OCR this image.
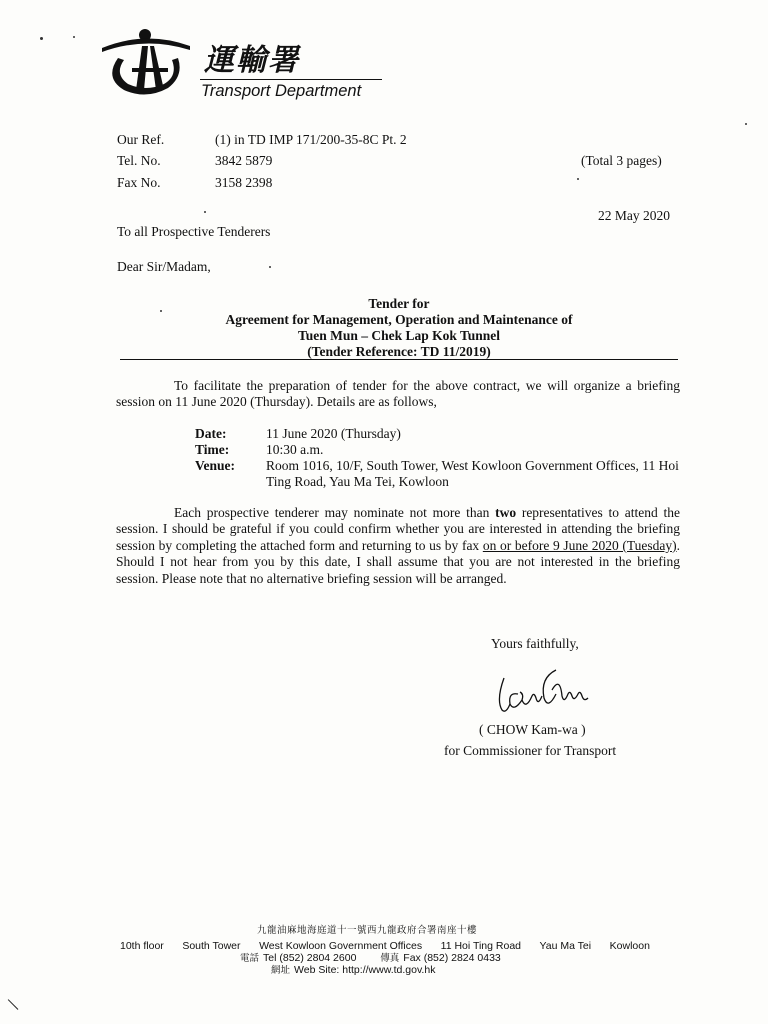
運輸署
Transport Department
Our Ref.	(1) in TD IMP 171/200-35-8C Pt. 2
Tel. No.	3842 5879
Fax No.	3158 2398
(Total 3 pages)
22 May 2020
To all Prospective Tenderers
Dear Sir/Madam,
Tender for
Agreement for Management, Operation and Maintenance of
Tuen Mun – Chek Lap Kok Tunnel
(Tender Reference: TD 11/2019)

To facilitate the preparation of tender for the above contract, we will organize a briefing session on 11 June 2020 (Thursday). Details are as follows,

Date:	11 June 2020 (Thursday)
Time:	10:30 a.m.
Venue: Room 1016, 10/F, South Tower, West Kowloon Government Offices, 11 Hoi Ting Road, Yau Ma Tei, Kowloon

Each prospective tenderer may nominate not more than two representatives to attend the session. I should be grateful if you could confirm whether you are interested in attending the briefing session by completing the attached form and returning to us by fax on or before 9 June 2020 (Tuesday). Should I not hear from you by this date, I shall assume that you are not interested in the briefing session. Please note that no alternative briefing session will be arranged.

Yours faithfully,
( CHOW Kam-wa )
for Commissioner for Transport
九龍油麻地海庭道十一號西九龍政府合署南座十樓
10th floor South Tower West Kowloon Government Offices 11 Hoi Ting Road Yau Ma Tei Kowloon
電話 Tel (852) 2804 2600	傳真 Fax (852) 2824 0433
網址 Web Site: http://www.td.gov.hk
